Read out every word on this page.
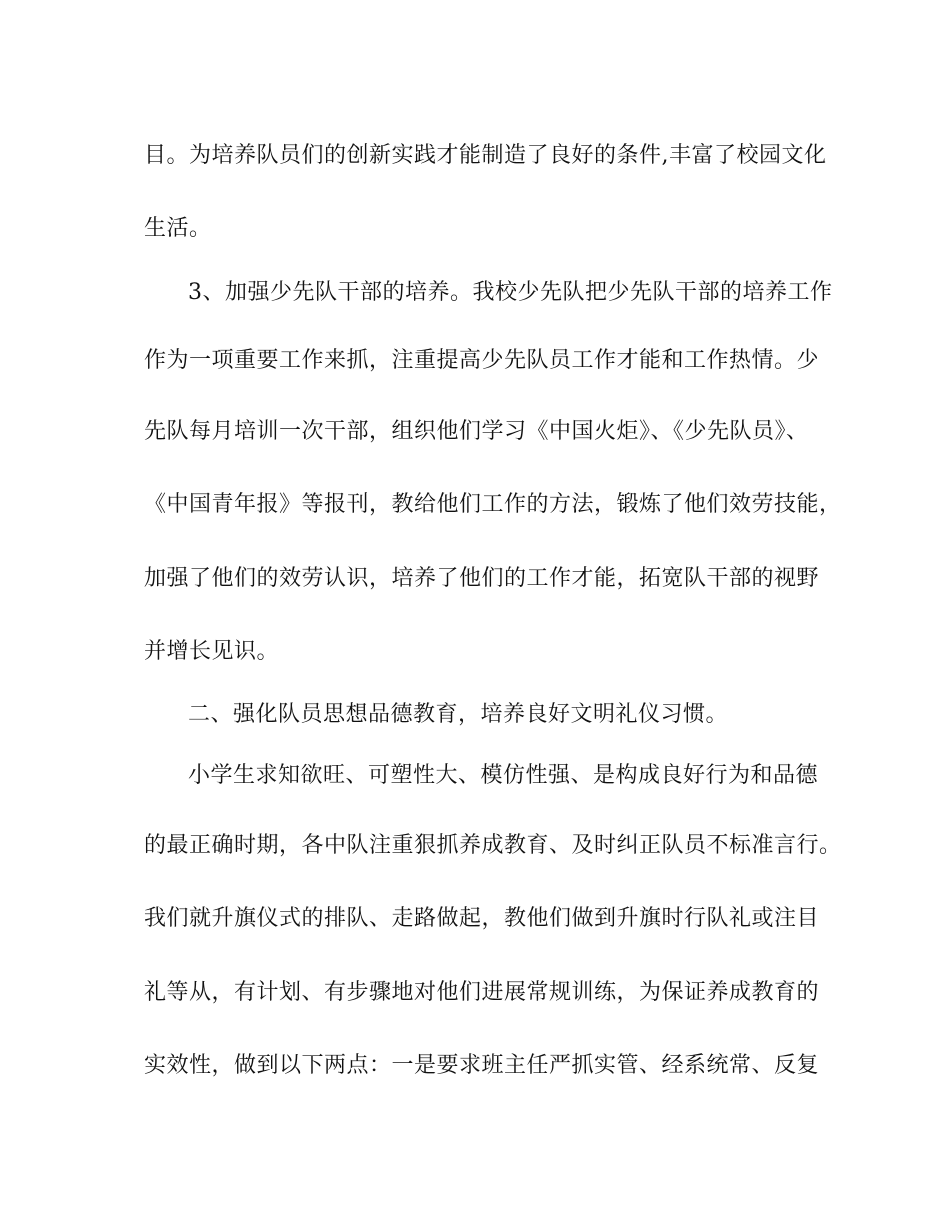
目。为培养队员们的创新实践才能制造了良好的条件,丰富了校园文化
生活。
3、加强少先队干部的培养。我校少先队把少先队干部的培养工作
作为一项重要工作来抓，注重提高少先队员工作才能和工作热情。少
先队每月培训一次干部，组织他们学习《中国火炬》、《少先队员》、
《中国青年报》等报刊，教给他们工作的方法，锻炼了他们效劳技能，
加强了他们的效劳认识，培养了他们的工作才能，拓宽队干部的视野
并增长见识。
二、强化队员思想品德教育，培养良好文明礼仪习惯。
小学生求知欲旺、可塑性大、模仿性强、是构成良好行为和品德
的最正确时期，各中队注重狠抓养成教育、及时纠正队员不标准言行。
我们就升旗仪式的排队、走路做起，教他们做到升旗时行队礼或注目
礼等从，有计划、有步骤地对他们进展常规训练，为保证养成教育的
实效性，做到以下两点：一是要求班主任严抓实管、经系统常、反复
